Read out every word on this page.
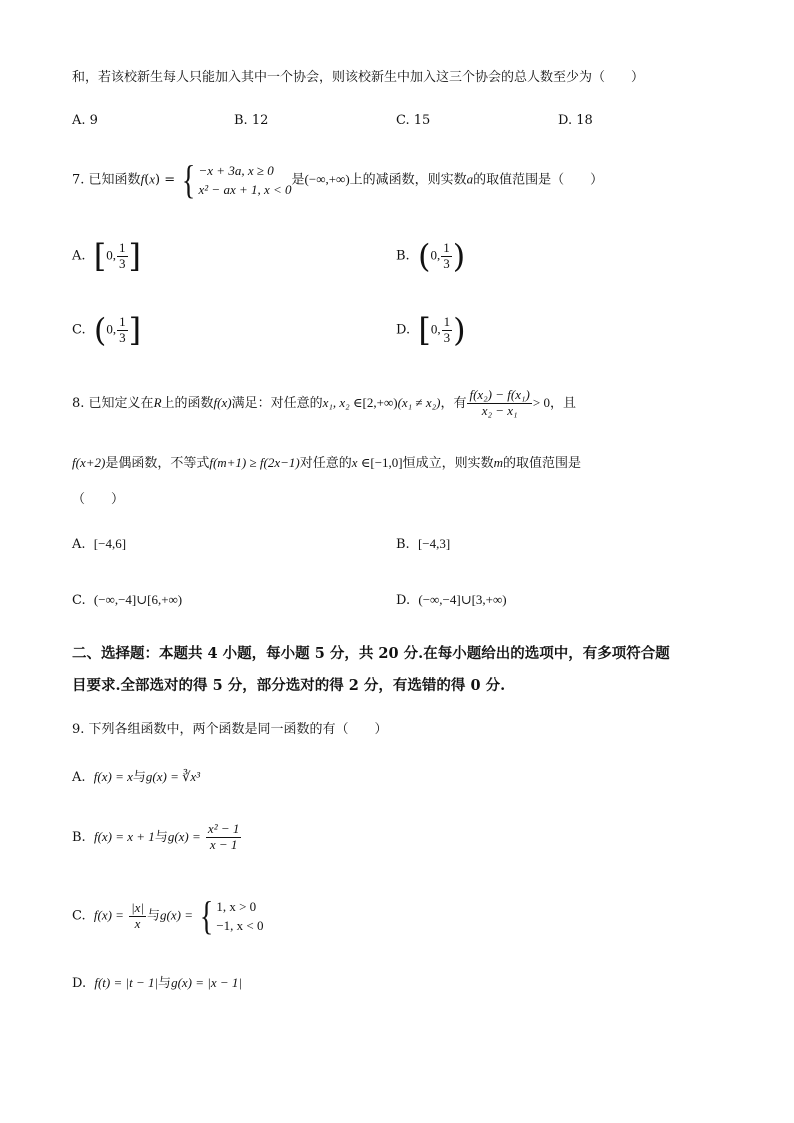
和，若该校新生每人只能加入其中一个协会，则该校新生中加入这三个协会的总人数至少为（　　）
A. 9	B. 12	C. 15	D. 18
7. 已知函数f(x) = { −x + 3a, x ≥ 0
x² − ax + 1, x < 0
是(−∞,+∞)上的减函数，则实数a的取值范围是（　　）
A. [0, $\frac{1}{3}$ ]	B. (0, $\frac{1}{3}$ )
C. (0, $\frac{1}{3}$ ]	D. [0, $\frac{1}{3}$ )
8. 已知定义在R上的函数f(x)满足：对任意的x₁, x₂ ∈[2,+∞)(x₁ ≠ x₂)，有 $\frac{\text{f(x₂) − f(x₁)}}{\text{x₂ − x₁}} > 0$，且
f(x+2)是偶函数，不等式f(m+1) ≥ f(2x−1)对任意的x ∈[−1,0]恒成立，则实数m的取值范围是
（　　）
A. [−4,6]	B. [−4,3]
C. (−∞,−4]∪[6,+∞)	D. (−∞,−4]∪[3,+∞)
二、选择题：本题共 4 小题，每小题 5 分，共 20 分.在每小题给出的选项中，有多项符合题
目要求.全部选对的得 5 分，部分选对的得 2 分，有选错的得 0 分.
9. 下列各组函数中，两个函数是同一函数的有（　　）
A. f(x) = x与g(x) = ∛x³
B. f(x) = x + 1与$g(x) = \frac{\text{x² − 1}}{x - 1}$
C. $f(x) = \frac{|x|}{x}$ 与g(x) = { 1, x > 0
−1, x < 0
D. f(t) = |t − 1|与g(x) = |x − 1|
